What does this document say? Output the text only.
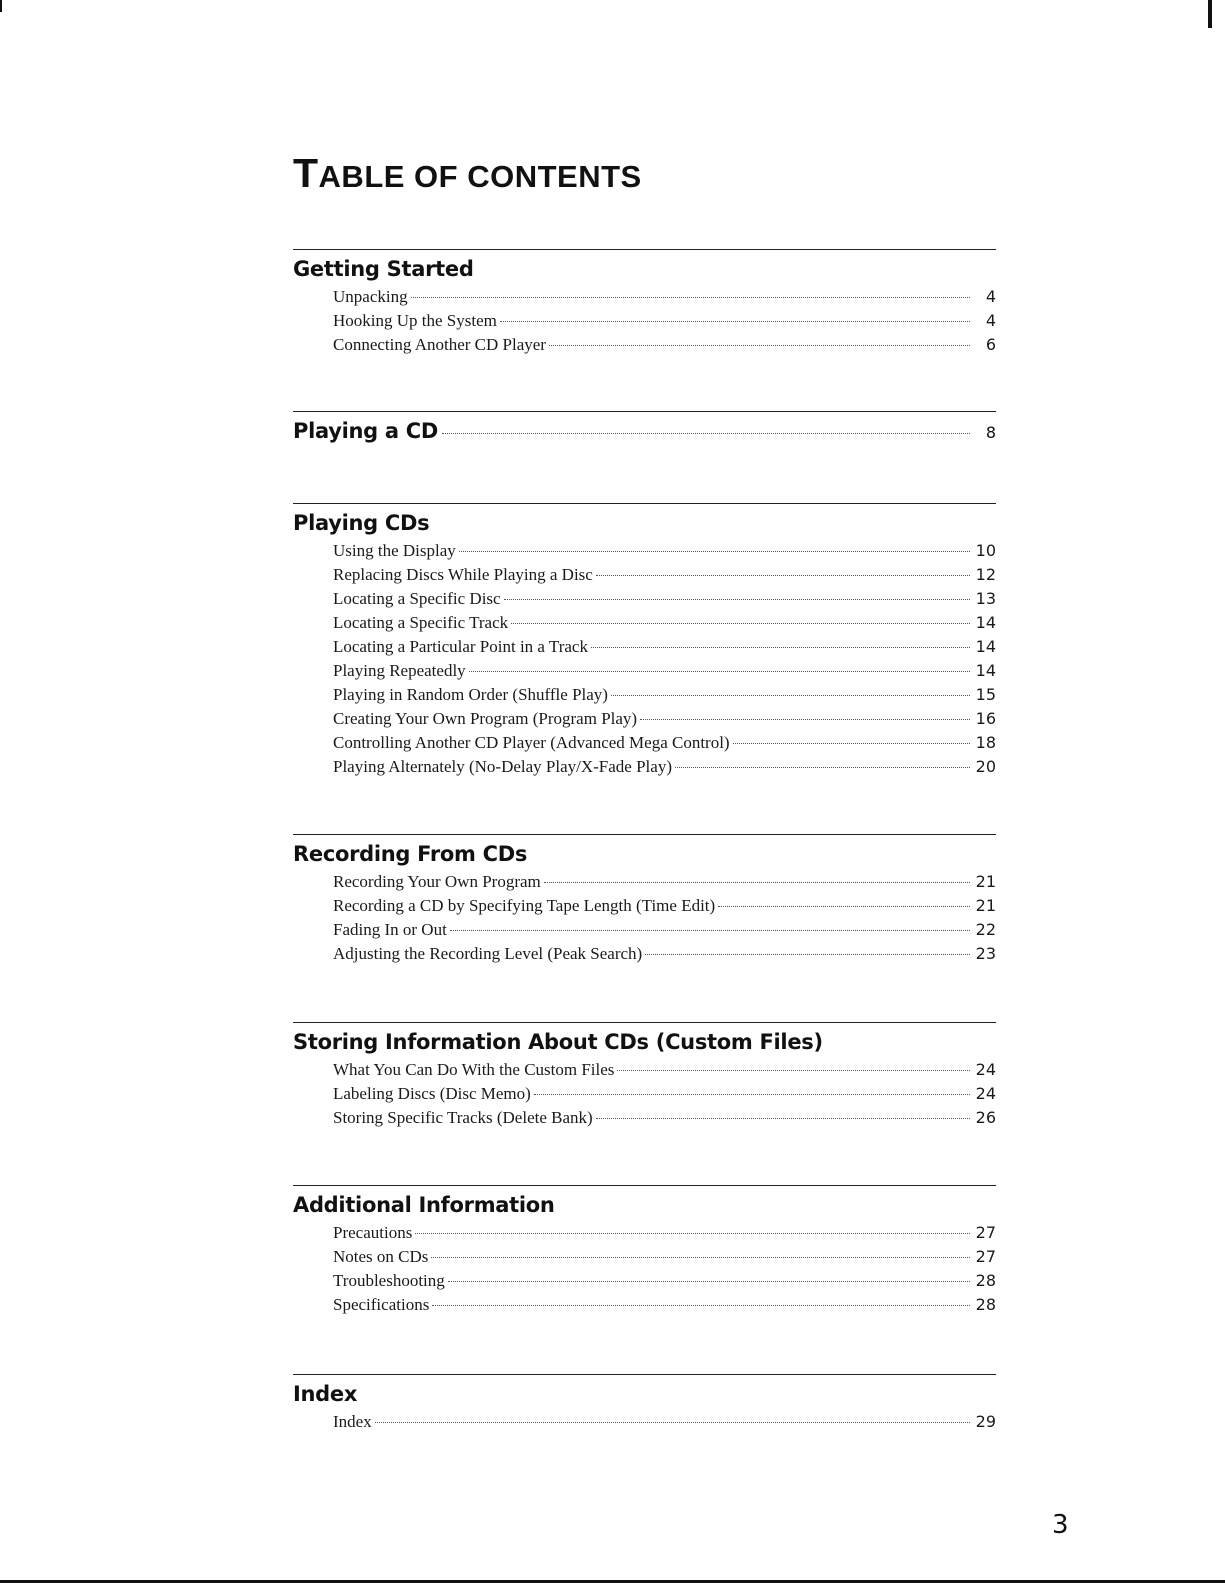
TABLE OF CONTENTS
Getting Started
Unpacking	4
Hooking Up the System	4
Connecting Another CD Player	6
Playing a CD	8
Playing CDs
Using the Display	10
Replacing Discs While Playing a Disc	12
Locating a Specific Disc	13
Locating a Specific Track	14
Locating a Particular Point in a Track	14
Playing Repeatedly	14
Playing in Random Order (Shuffle Play)	15
Creating Your Own Program (Program Play)	16
Controlling Another CD Player (Advanced Mega Control)	18
Playing Alternately (No-Delay Play/X-Fade Play)	20
Recording From CDs
Recording Your Own Program	21
Recording a CD by Specifying Tape Length (Time Edit)	21
Fading In or Out	22
Adjusting the Recording Level (Peak Search)	23
Storing Information About CDs (Custom Files)
What You Can Do With the Custom Files	24
Labeling Discs (Disc Memo)	24
Storing Specific Tracks (Delete Bank)	26
Additional Information
Precautions	27
Notes on CDs	27
Troubleshooting	28
Specifications	28
Index
Index	29
3
